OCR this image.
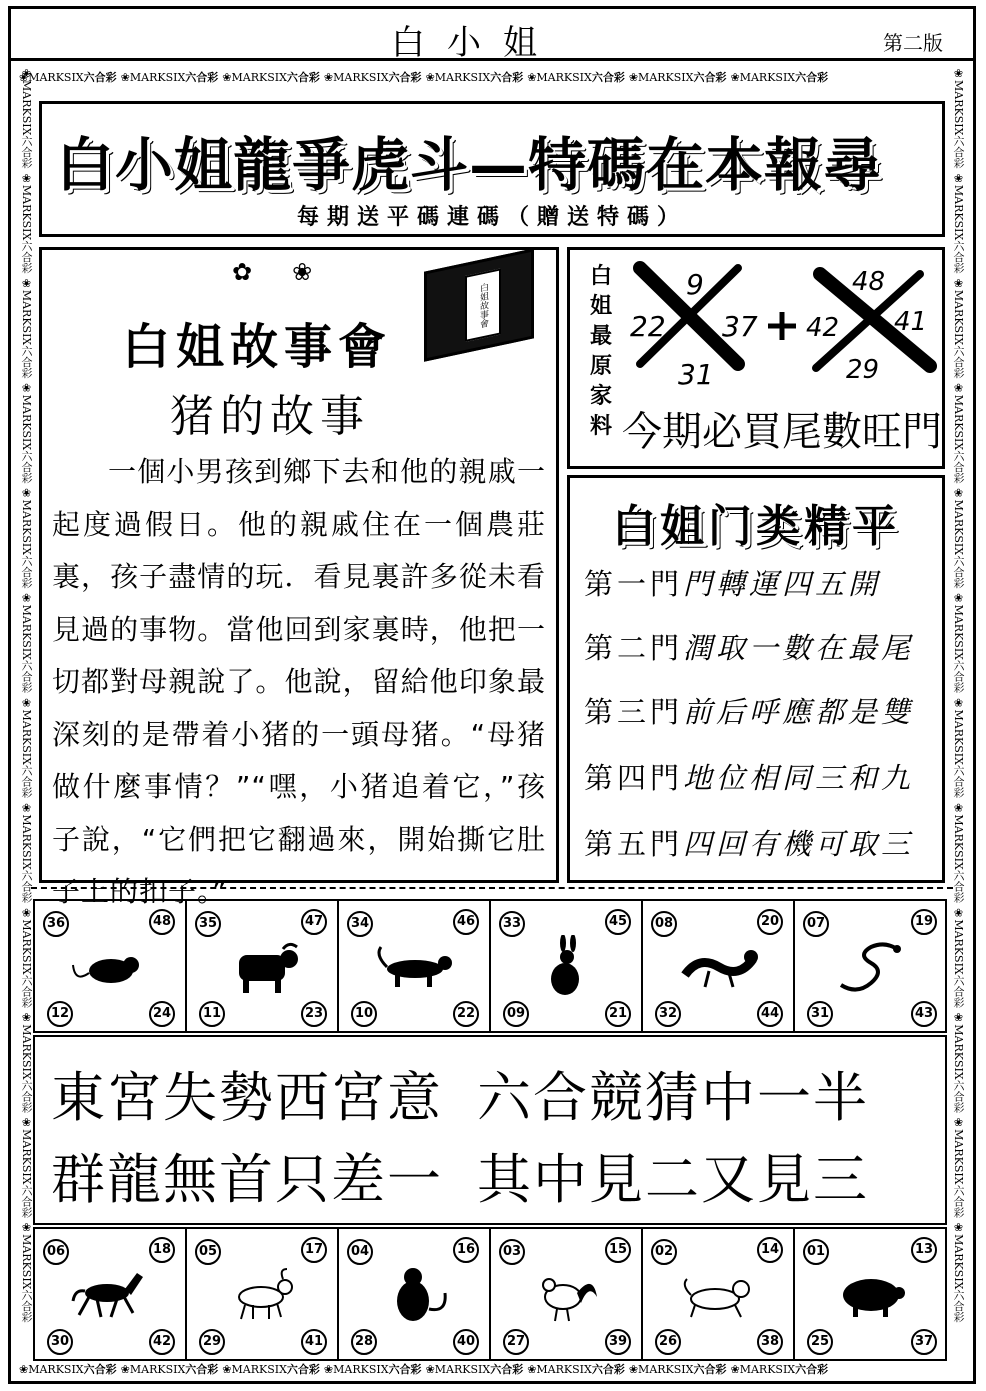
白小姐	第二版
❀MARKSIX六合彩 ❀MARKSIX六合彩 ❀MARKSIX六合彩 ❀MARKSIX六合彩 ❀MARKSIX六合彩 ❀MARKSIX六合彩 ❀MARKSIX六合彩 ❀MARKSIX六合彩
❀MARKSIX六合彩 ❀MARKSIX六合彩 ❀MARKSIX六合彩 ❀MARKSIX六合彩 ❀MARKSIX六合彩 ❀MARKSIX六合彩 ❀MARKSIX六合彩 ❀MARKSIX六合彩
❀MARKSIX六合彩 ❀MARKSIX六合彩 ❀MARKSIX六合彩 ❀MARKSIX六合彩 ❀MARKSIX六合彩 ❀MARKSIX六合彩 ❀MARKSIX六合彩 ❀MARKSIX六合彩 ❀MARKSIX六合彩 ❀MARKSIX六合彩 ❀MARKSIX六合彩 ❀MARKSIX六合彩	❀MARKSIX六合彩 ❀MARKSIX六合彩 ❀MARKSIX六合彩 ❀MARKSIX六合彩 ❀MARKSIX六合彩 ❀MARKSIX六合彩 ❀MARKSIX六合彩 ❀MARKSIX六合彩 ❀MARKSIX六合彩 ❀MARKSIX六合彩 ❀MARKSIX六合彩 ❀MARKSIX六合彩
白小姐龍爭虎斗—特碼在本報尋
每期送平碼連碼（贈送特碼）
✿❀
白姐故事會
白姐故事會
猪的故事
一個小男孩到鄉下去和他的親戚一起度過假日。他的親戚住在一個農莊裏，孩子盡情的玩．看見裏許多從未看見過的事物。當他回到家裏時，他把一切都對母親說了。他說，留給他印象最深刻的是帶着小猪的一頭母猪。“母猪做什麼事情？”“嘿，小猪追着它，”孩子說，“它們把它翻過來，開始撕它肚子上的扣子。”
白姐最原家料
9
22 37
31
48
41
42
29
今期必買尾數旺門
白姐门类精平
第一門門轉運四五開
第二門潤取一數在最尾
第三門前后呼應都是雙
第四門地位相同三和九
第五門四回有機可取三
36	48
12	24
35	47
11	23
34	46
10	22
33	45
09	21
08	20
32	44
07	19
31	43
東宮失勢西宮意 六合競猜中一半
群龍無首只差一 其中見二又見三
06	18
30	42
05	17
29	41
04	16
28	40
03	15
27	39
02	14
26	38
01	13
25	37
